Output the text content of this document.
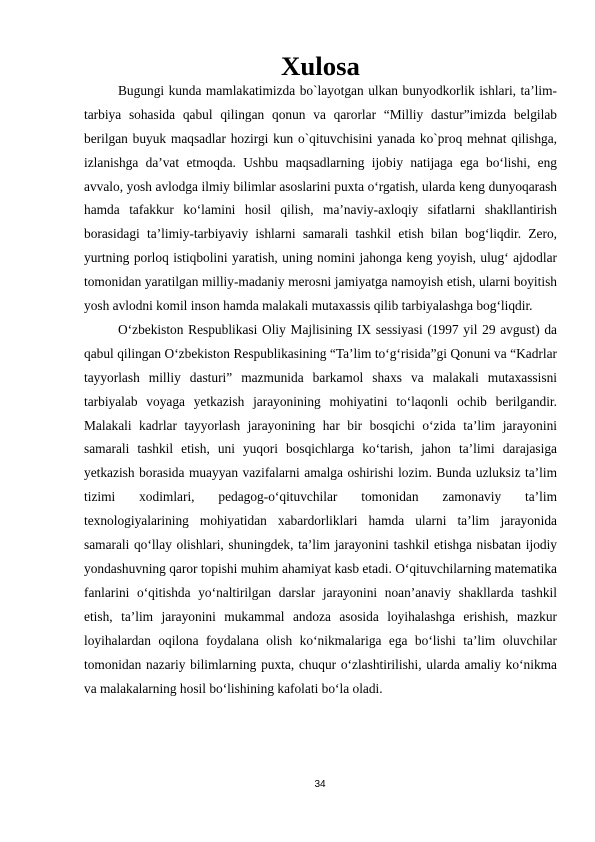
Xulosa

Bugungi kunda mamlakatimizda bo`layotgan ulkan bunyodkorlik ishlari, ta’lim-tarbiya sohasida qabul qilingan qonun va qarorlar “Milliy dastur”imizda belgilab berilgan buyuk maqsadlar hozirgi kun o`qituvchisini yanada ko`proq mehnat qilishga, izlanishga da’vat etmoqda. Ushbu maqsadlarning ijobiy natijaga ega bo‘lishi, eng avvalo, yosh avlodga ilmiy bilimlar asoslarini puxta o‘rgatish, ularda keng dunyoqarash hamda tafakkur ko‘lamini hosil qilish, ma’naviy-axloqiy sifatlarni shakllantirish borasidagi ta’limiy-tarbiyaviy ishlarni samarali tashkil etish bilan bog‘liqdir. Zero, yurtning porloq istiqbolini yaratish, uning nomini jahonga keng yoyish, ulug‘ ajdodlar tomonidan yaratilgan milliy-madaniy merosni jamiyatga namoyish etish, ularni boyitish yosh avlodni komil inson hamda malakali mutaxassis qilib tarbiyalashga bog‘liqdir.

O‘zbekiston Respublikasi Oliy Majlisining IX sessiyasi (1997 yil 29 avgust) da qabul qilingan O‘zbekiston Respublikasining “Ta’lim to‘g‘risida”gi Qonuni va “Kadrlar tayyorlash milliy dasturi” mazmunida barkamol shaxs va malakali mutaxassisni tarbiyalab voyaga yetkazish jarayonining mohiyatini to‘laqonli ochib berilgandir. Malakali kadrlar tayyorlash jarayonining har bir bosqichi o‘zida ta’lim jarayonini samarali tashkil etish, uni yuqori bosqichlarga ko‘tarish, jahon ta’limi darajasiga yetkazish borasida muayyan vazifalarni amalga oshirishi lozim. Bunda uzluksiz ta’lim tizimi xodimlari, pedagog-o‘qituvchilar tomonidan zamonaviy ta’lim texnologiyalarining mohiyatidan xabardorliklari hamda ularni ta’lim jarayonida samarali qo‘llay olishlari, shuningdek, ta’lim jarayonini tashkil etishga nisbatan ijodiy yondashuvning qaror topishi muhim ahamiyat kasb etadi. O‘qituvchilarning matematika fanlarini o‘qitishda yo‘naltirilgan darslar jarayonini noan’anaviy shakllarda tashkil etish, ta’lim jarayonini mukammal andoza asosida loyihalashga erishish, mazkur loyihalardan oqilona foydalana olish ko‘nikmalariga ega bo‘lishi ta’lim oluvchilar tomonidan nazariy bilimlarning puxta, chuqur o‘zlashtirilishi, ularda amaliy ko‘nikma va malakalarning hosil bo‘lishining kafolati bo‘la oladi.

34
